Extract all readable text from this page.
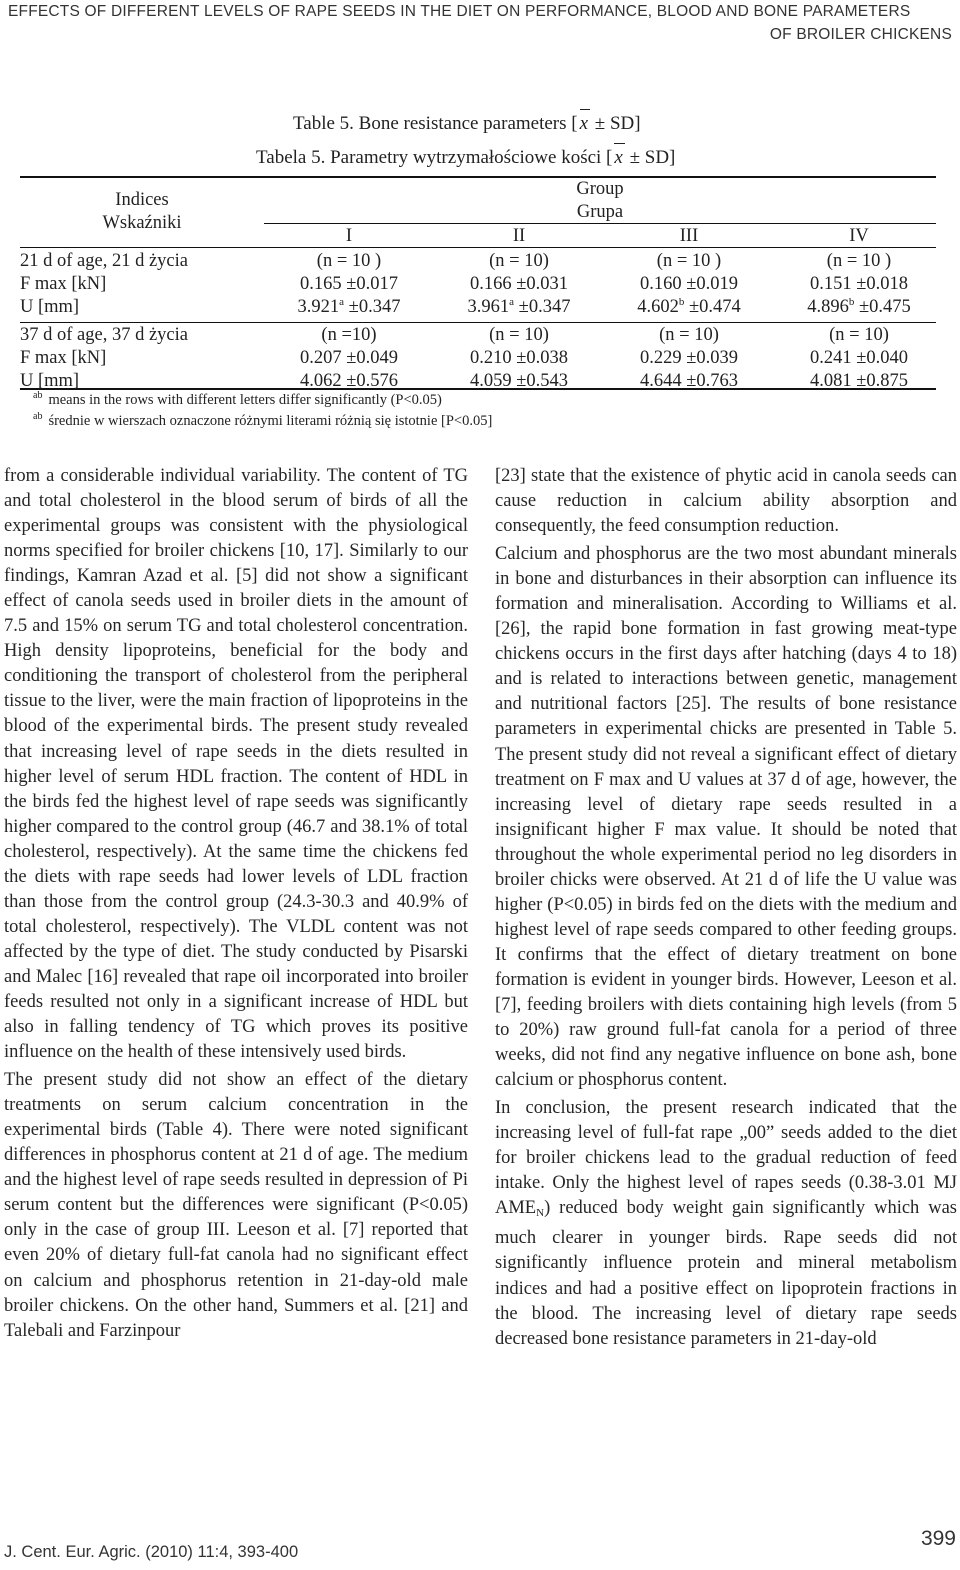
EFFECTS OF DIFFERENT LEVELS OF RAPE SEEDS IN THE DIET ON PERFORMANCE, BLOOD AND BONE PARAMETERS
OF BROILER CHICKENS
Table 5. Bone resistance parameters [ x ± SD]
Tabela 5. Parametry wytrzymałościowe kości [ x ± SD]
Indices
Wskaźniki
Group
Grupa
I	II	III	IV
21 d of age, 21 d życia	(n = 10 )	(n = 10)	(n = 10 )	(n = 10 )
F max [kN]	0.165 ±0.017	0.166 ±0.031	0.160 ±0.019	0.151 ±0.018
U [mm]	3.921$^a$ ±0.347	3.961$^a$ ±0.347	4.602$^b$ ±0.474	4.896$^b$ ±0.475
37 d of age, 37 d życia	(n =10)	(n = 10)	(n = 10)	(n = 10)
F max [kN]	0.207 ±0.049	0.210 ±0.038	0.229 ±0.039	0.241 ±0.040
U [mm]	4.062 ±0.576	4.059 ±0.543	4.644 ±0.763	4.081 ±0.875
$^{ab}$ means in the rows with different letters differ significantly (P<0.05)
$^{ab}$ średnie w wierszach oznaczone różnymi literami różnią się istotnie [P<0.05]

from a considerable individual variability. The content of TG and total cholesterol in the blood serum of birds of all the experimental groups was consistent with the physiological norms specified for broiler chickens [10, 17]. Similarly to our findings, Kamran Azad et al. [5] did not show a significant effect of canola seeds used in broiler diets in the amount of 7.5 and 15% on serum TG and total cholesterol concentration. High density lipoproteins, beneficial for the body and conditioning the transport of cholesterol from the peripheral tissue to the liver, were the main fraction of lipoproteins in the blood of the experimental birds. The present study revealed that increasing level of rape seeds in the diets resulted in higher level of serum HDL fraction. The content of HDL in the birds fed the highest level of rape seeds was significantly higher compared to the control group (46.7 and 38.1% of total cholesterol, respectively). At the same time the chickens fed the diets with rape seeds had lower levels of LDL fraction than those from the control group (24.3-30.3 and 40.9% of total cholesterol, respectively). The VLDL content was not affected by the type of diet. The study conducted by Pisarski and Malec [16] revealed that rape oil incorporated into broiler feeds resulted not only in a significant increase of HDL but also in falling tendency of TG which proves its positive influence on the health of these intensively used birds.

The present study did not show an effect of the dietary treatments on serum calcium concentration in the experimental birds (Table 4). There were noted significant differences in phosphorus content at 21 d of age. The medium and the highest level of rape seeds resulted in depression of Pi serum content but the differences were significant (P<0.05) only in the case of group III. Leeson et al. [7] reported that even 20% of dietary full-fat canola had no significant effect on calcium and phosphorus retention in 21-day-old male broiler chickens. On the other hand, Summers et al. [21] and Talebali and Farzinpour

[23] state that the existence of phytic acid in canola seeds can cause reduction in calcium ability absorption and consequently, the feed consumption reduction.

Calcium and phosphorus are the two most abundant minerals in bone and disturbances in their absorption can influence its formation and mineralisation. According to Williams et al. [26], the rapid bone formation in fast growing meat-type chickens occurs in the first days after hatching (days 4 to 18) and is related to interactions between genetic, management and nutritional factors [25]. The results of bone resistance parameters in experimental chicks are presented in Table 5. The present study did not reveal a significant effect of dietary treatment on F max and U values at 37 d of age, however, the increasing level of dietary rape seeds resulted in a insignificant higher F max value. It should be noted that throughout the whole experimental period no leg disorders in broiler chicks were observed. At 21 d of life the U value was higher (P<0.05) in birds fed on the diets with the medium and highest level of rape seeds compared to other feeding groups. It confirms that the effect of dietary treatment on bone formation is evident in younger birds. However, Leeson et al. [7], feeding broilers with diets containing high levels (from 5 to 20%) raw ground full-fat canola for a period of three weeks, did not find any negative influence on bone ash, bone calcium or phosphorus content.

In conclusion, the present research indicated that the increasing level of full-fat rape „00” seeds added to the diet for broiler chickens lead to the gradual reduction of feed intake. Only the highest level of rapes seeds (0.38-3.01 MJ $AME_N$) reduced body weight gain significantly which was much clearer in younger birds. Rape seeds did not significantly influence protein and mineral metabolism indices and had a positive effect on lipoprotein fractions in the blood. The increasing level of dietary rape seeds decreased bone resistance parameters in 21-day-old

J. Cent. Eur. Agric. (2010) 11:4, 393-400
399
